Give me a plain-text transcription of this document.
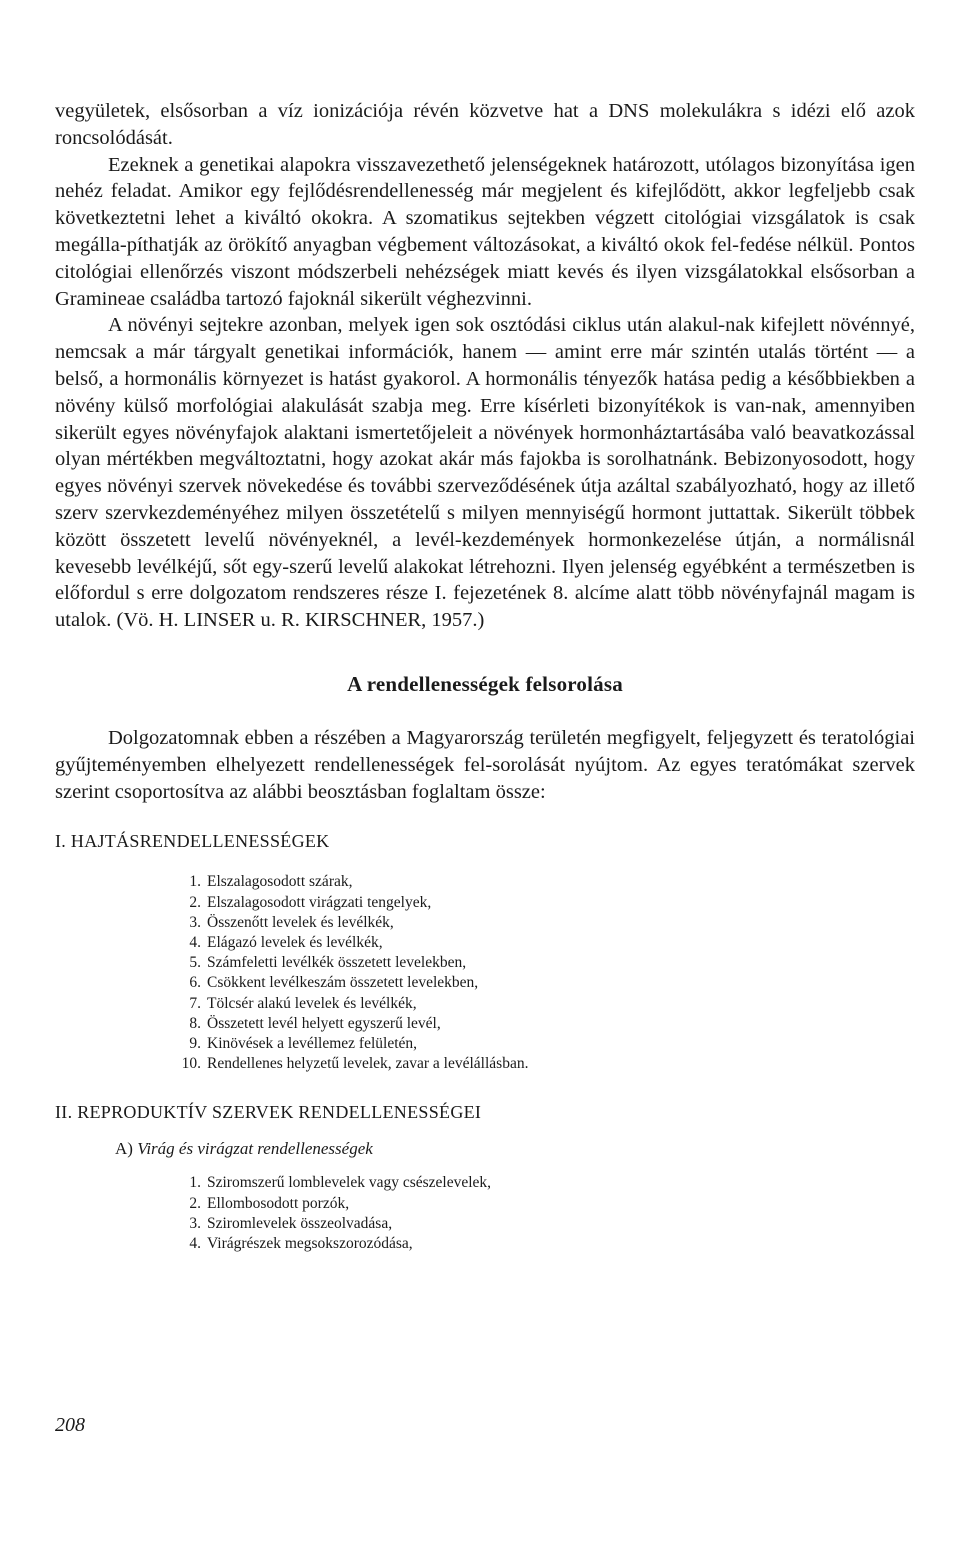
vegyületek, elsősorban a víz ionizációja révén közvetve hat a DNS molekulákra s idézi elő azok roncsolódását.

Ezeknek a genetikai alapokra visszavezethető jelenségeknek határozott, utólagos bizonyítása igen nehéz feladat. Amikor egy fejlődésrendellenesség már megjelent és kifejlődött, akkor legfeljebb csak következtetni lehet a kiváltó okokra. A szomatikus sejtekben végzett citológiai vizsgálatok is csak megálla-píthatják az örökítő anyagban végbement változásokat, a kiváltó okok fel-fedése nélkül. Pontos citológiai ellenőrzés viszont módszerbeli nehézségek miatt kevés és ilyen vizsgálatokkal elsősorban a Gramineae családba tartozó fajoknál sikerült véghezvinni.

A növényi sejtekre azonban, melyek igen sok osztódási ciklus után alakul-nak kifejlett növénnyé, nemcsak a már tárgyalt genetikai információk, hanem — amint erre már szintén utalás történt — a belső, a hormonális környezet is hatást gyakorol. A hormonális tényezők hatása pedig a későbbiekben a növény külső morfológiai alakulását szabja meg. Erre kísérleti bizonyítékok is van-nak, amennyiben sikerült egyes növényfajok alaktani ismertetőjeleit a növények hormonháztartásába való beavatkozással olyan mértékben megváltoztatni, hogy azokat akár más fajokba is sorolhatnánk. Bebizonyosodott, hogy egyes növényi szervek növekedése és további szerveződésének útja azáltal szabályozható, hogy az illető szerv szervkezdeményéhez milyen összetételű s milyen mennyiségű hormont juttattak. Sikerült többek között összetett levelű növényeknél, a levél-kezdemények hormonkezelése útján, a normálisnál kevesebb levélkéjű, sőt egy-szerű levelű alakokat létrehozni. Ilyen jelenség egyébként a természetben is előfordul s erre dolgozatom rendszeres része I. fejezetének 8. alcíme alatt több növényfajnál magam is utalok. (Vö. H. LINSER u. R. KIRSCHNER, 1957.)

A rendellenességek felsorolása

Dolgozatomnak ebben a részében a Magyarország területén megfigyelt, feljegyzett és teratológiai gyűjteményemben elhelyezett rendellenességek fel-sorolását nyújtom. Az egyes teratómákat szervek szerint csoportosítva az alábbi beosztásban foglaltam össze:

I. HAJTÁSRENDELLENESSÉGEK
1. Elszalagosodott szárak,
2. Elszalagosodott virágzati tengelyek,
3. Összenőtt levelek és levélkék,
4. Elágazó levelek és levélkék,
5. Számfeletti levélkék összetett levelekben,
6. Csökkent levélkeszám összetett levelekben,
7. Tölcsér alakú levelek és levélkék,
8. Összetett levél helyett egyszerű levél,
9. Kinövések a levéllemez felületén,
10. Rendellenes helyzetű levelek, zavar a levélállásban.
II. REPRODUKTÍV SZERVEK RENDELLENESSÉGEI
A) Virág és virágzat rendellenességek
1. Sziromszerű lomblevelek vagy csészelevelek,
2. Ellombosodott porzók,
3. Sziromlevelek összeolvadása,
4. Virágrészek megsokszorozódása,
208
